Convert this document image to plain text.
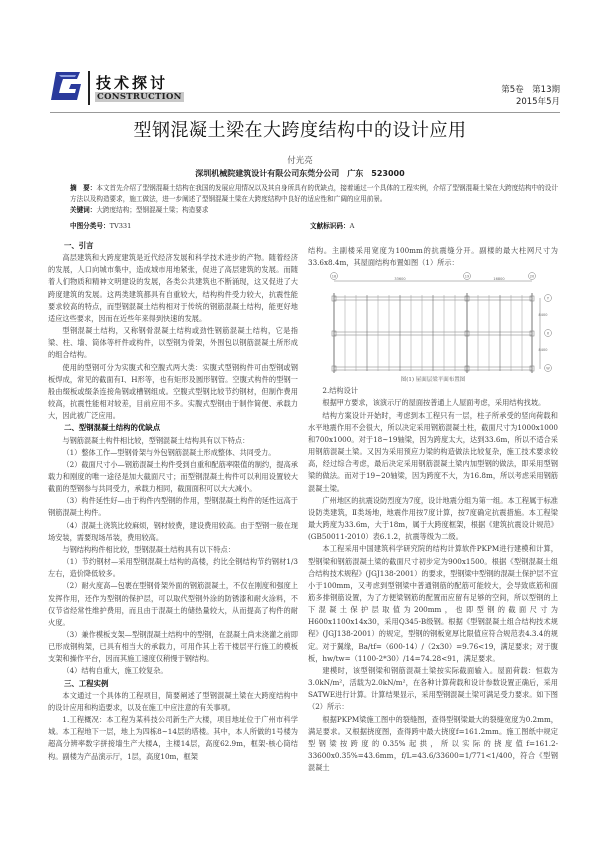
技术探讨
CONSTRUCTION
第5卷　第13期
2015年5月
型钢混凝土梁在大跨度结构中的设计应用
付光亮
深圳机械院建筑设计有限公司东莞分公司　广东　523000
摘　要：本文首先介绍了型钢混凝土结构在我国的发展应用情况以及其自身所具有的优缺点，接着通过一个具体的工程实例，介绍了型钢混凝土梁在大跨度结构中的设计方法以及构造要求，施工做法，进一步阐述了型钢混凝土梁在大跨度结构中良好的适应性和广阔的应用前景。
关键词：大跨度结构；型钢混凝土梁；构造要求
中图分类号：TV331	文献标识码：A
一、引言

高层建筑和大跨度建筑是近代经济发展和科学技术进步的产物。随着经济的发展，人口向城市集中，造成城市用地紧张，促进了高层建筑的发展。而随着人们物质和精神文明建设的发展，各类公共建筑也不断涌现，这又促进了大跨度建筑的发展。这两类建筑都具有自重较大，结构构件受力较大，抗震性能要求较高的特点，而型钢混凝土结构相对于传统的钢筋混凝土结构，能更好地适应这些要求，因而在近些年来得到快速的发展。

型钢混凝土结构，又称钢骨混凝土结构或劲性钢筋混凝土结构，它是指梁、柱、墙、筒体等杆件或构件，以型钢为骨架，外围包以钢筋混凝土所形成的组合结构。

使用的型钢可分为实腹式和空腹式两大类：实腹式型钢构件可由型钢或钢板焊成，常见的截面有I、H形等，也有矩形及圆形钢管。空腹式构件的型钢一般由缀板或缀条连接角钢或槽钢组成。空腹式型钢比较节约钢材，但制作费用较高，抗震性能相对较差，目前应用不多。实腹式型钢由于制作简便、承载力大，因此被广泛应用。

二、型钢混凝土结构的优缺点

与钢筋混凝土构件相比较，型钢混凝土结构具有以下特点：

（1）整体工作—型钢骨架与外包钢筋混凝土形成整体、共同受力。

（2）截面尺寸小—钢筋混凝土构件受到自重和配筋率限值的制约，提高承载力和刚度的唯一途径是加大截面尺寸；而型钢混凝土构件可以利用设置较大截面的型钢参与共同受力，承载力相同，截面面积可以大大减小。

（3）构件延性好—由于构件内型钢的作用，型钢混凝土构件的延性远高于钢筋混凝土构件。

（4）混凝土浇筑比较麻烦，钢材较费，建设费用较高。由于型钢一般在现场安装，需要现场吊装，费用较高。

与钢结构构件相比较，型钢混凝土结构具有以下特点：

（1）节约钢材—采用型钢混凝土结构的高楼，约比全钢结构节约钢材1/3左右，造价降低较多。

（2）耐火度高—包裹在型钢骨架外面的钢筋混凝土，不仅在刚度和强度上发挥作用，还作为型钢的保护层，可以取代型钢外涂的防锈漆和耐火涂料，不仅节省经常性维护费用，而且由于混凝土的储热量较大，从而提高了构件的耐火度。

（3）兼作模板支架—型钢混凝土结构中的型钢，在混凝土尚未浇灌之前即已形成钢构架，已具有相当大的承载力，可用作其上若干楼层平行施工的模板支架和操作平台，因而其施工速度仅稍慢于钢结构。

（4）结构自重大，施工较复杂。

三、工程实例

本文通过一个具体的工程项目，简要阐述了型钢混凝土梁在大跨度结构中的设计应用和构造要求，以及在施工中应注意的有关事项。

1.工程概况：本工程为某科技公司新生产大楼，项目地址位于广州市科学城。本工程地下一层，地上为四栋8~14层的塔楼。其中，本人所做的1号楼为超高分辨率数字拼接墙生产大楼A，主楼14层，高度62.9m，框架-核心筒结构。副楼为产品演示厅，1层，高度10m，框架

结构。主副楼采用宽度为100mm的抗震缝分开。副楼的最大柱网尺寸为33.6x8.4m，其屋面结构布置如图（1）所示：

18	19	20
Y
X
W
33600	16800
8400
8400
图(1) 屋面层梁平面布置图

2.结构设计

根据甲方要求，该演示厅的屋面按普通上人屋面考虑，采用结构找坡。

结构方案设计开始时，考虑到本工程只有一层，柱子所承受的竖向荷载和水平地震作用不会很大，所以决定采用钢筋混凝土柱，截面尺寸为1000x1000和700x1000。对于18~19轴梁，因为跨度太大，达到33.6m，所以不适合采用钢筋混凝土梁。又因为采用预应力梁的构造做法比较复杂，施工技术要求较高，经过综合考虑，最后决定采用钢筋混凝土梁内加型钢的做法，即采用型钢梁的做法。而对于19~20轴梁，因为跨度不大，为16.8m，所以考虑采用钢筋混凝土梁。

广州地区的抗震设防烈度为7度，设计地震分组为第一组。本工程属于标准设防类建筑，Ⅱ类场地，地震作用按7度计算，按7度确定抗震措施。本工程梁最大跨度为33.6m，大于18m，属于大跨度框架，根据《建筑抗震设计规范》(GB50011-2010）表6.1.2，抗震等级为二级。

本工程采用中国建筑科学研究院的结构计算软件PKPM进行建模和计算，型钢梁和钢筋混凝土梁的截面尺寸初步定为900x1500。根据《型钢混凝土组合结构技术规程》(JGJ138-2001）的要求，型钢梁中型钢的混凝土保护层不宜小于100mm，又考虑到型钢梁中普通钢筋的配筋可能较大，会导致底筋和面筋多排钢筋设置，为了方便梁钢筋的配置而应留有足够的空间，所以型钢的上下混凝土保护层取值为200mm，也即型钢的截面尺寸为H600x1100x14x30，采用Q345-B级钢。根据《型钢混凝土组合结构技术规程》(JGJ138-2001）的规定，型钢的钢板宽厚比限值应符合规范表4.3.4的规定。对于翼缘，Ba/tf=（600-14）/（2x30）=9.76<19，满足要求；对于腹板，hw/tw=（1100-2*30）/14=74.28<91，满足要求。

建模时，该型钢梁和钢筋混凝土梁按实际截面输入。屋面荷载：恒载为3.0kN/m²，活载为2.0kN/m²，在各种计算荷载和设计参数设置正确后，采用SATWE进行计算。计算结果显示，采用型钢混凝土梁可满足受力要求。如下图（2）所示：

根据PKPM梁施工图中的裂缝图，查得型钢梁最大的裂缝宽度为0.2mm，满足要求。又根据挠度图，查得跨中最大挠度f=161.2mm。施工图纸中规定型钢梁按跨度的0.35%起拱，所以实际的挠度值f=161.2-33600x0.35%=43.6mm，f/L=43.6/33600=1/771<1/400，符合《型钢混凝土
